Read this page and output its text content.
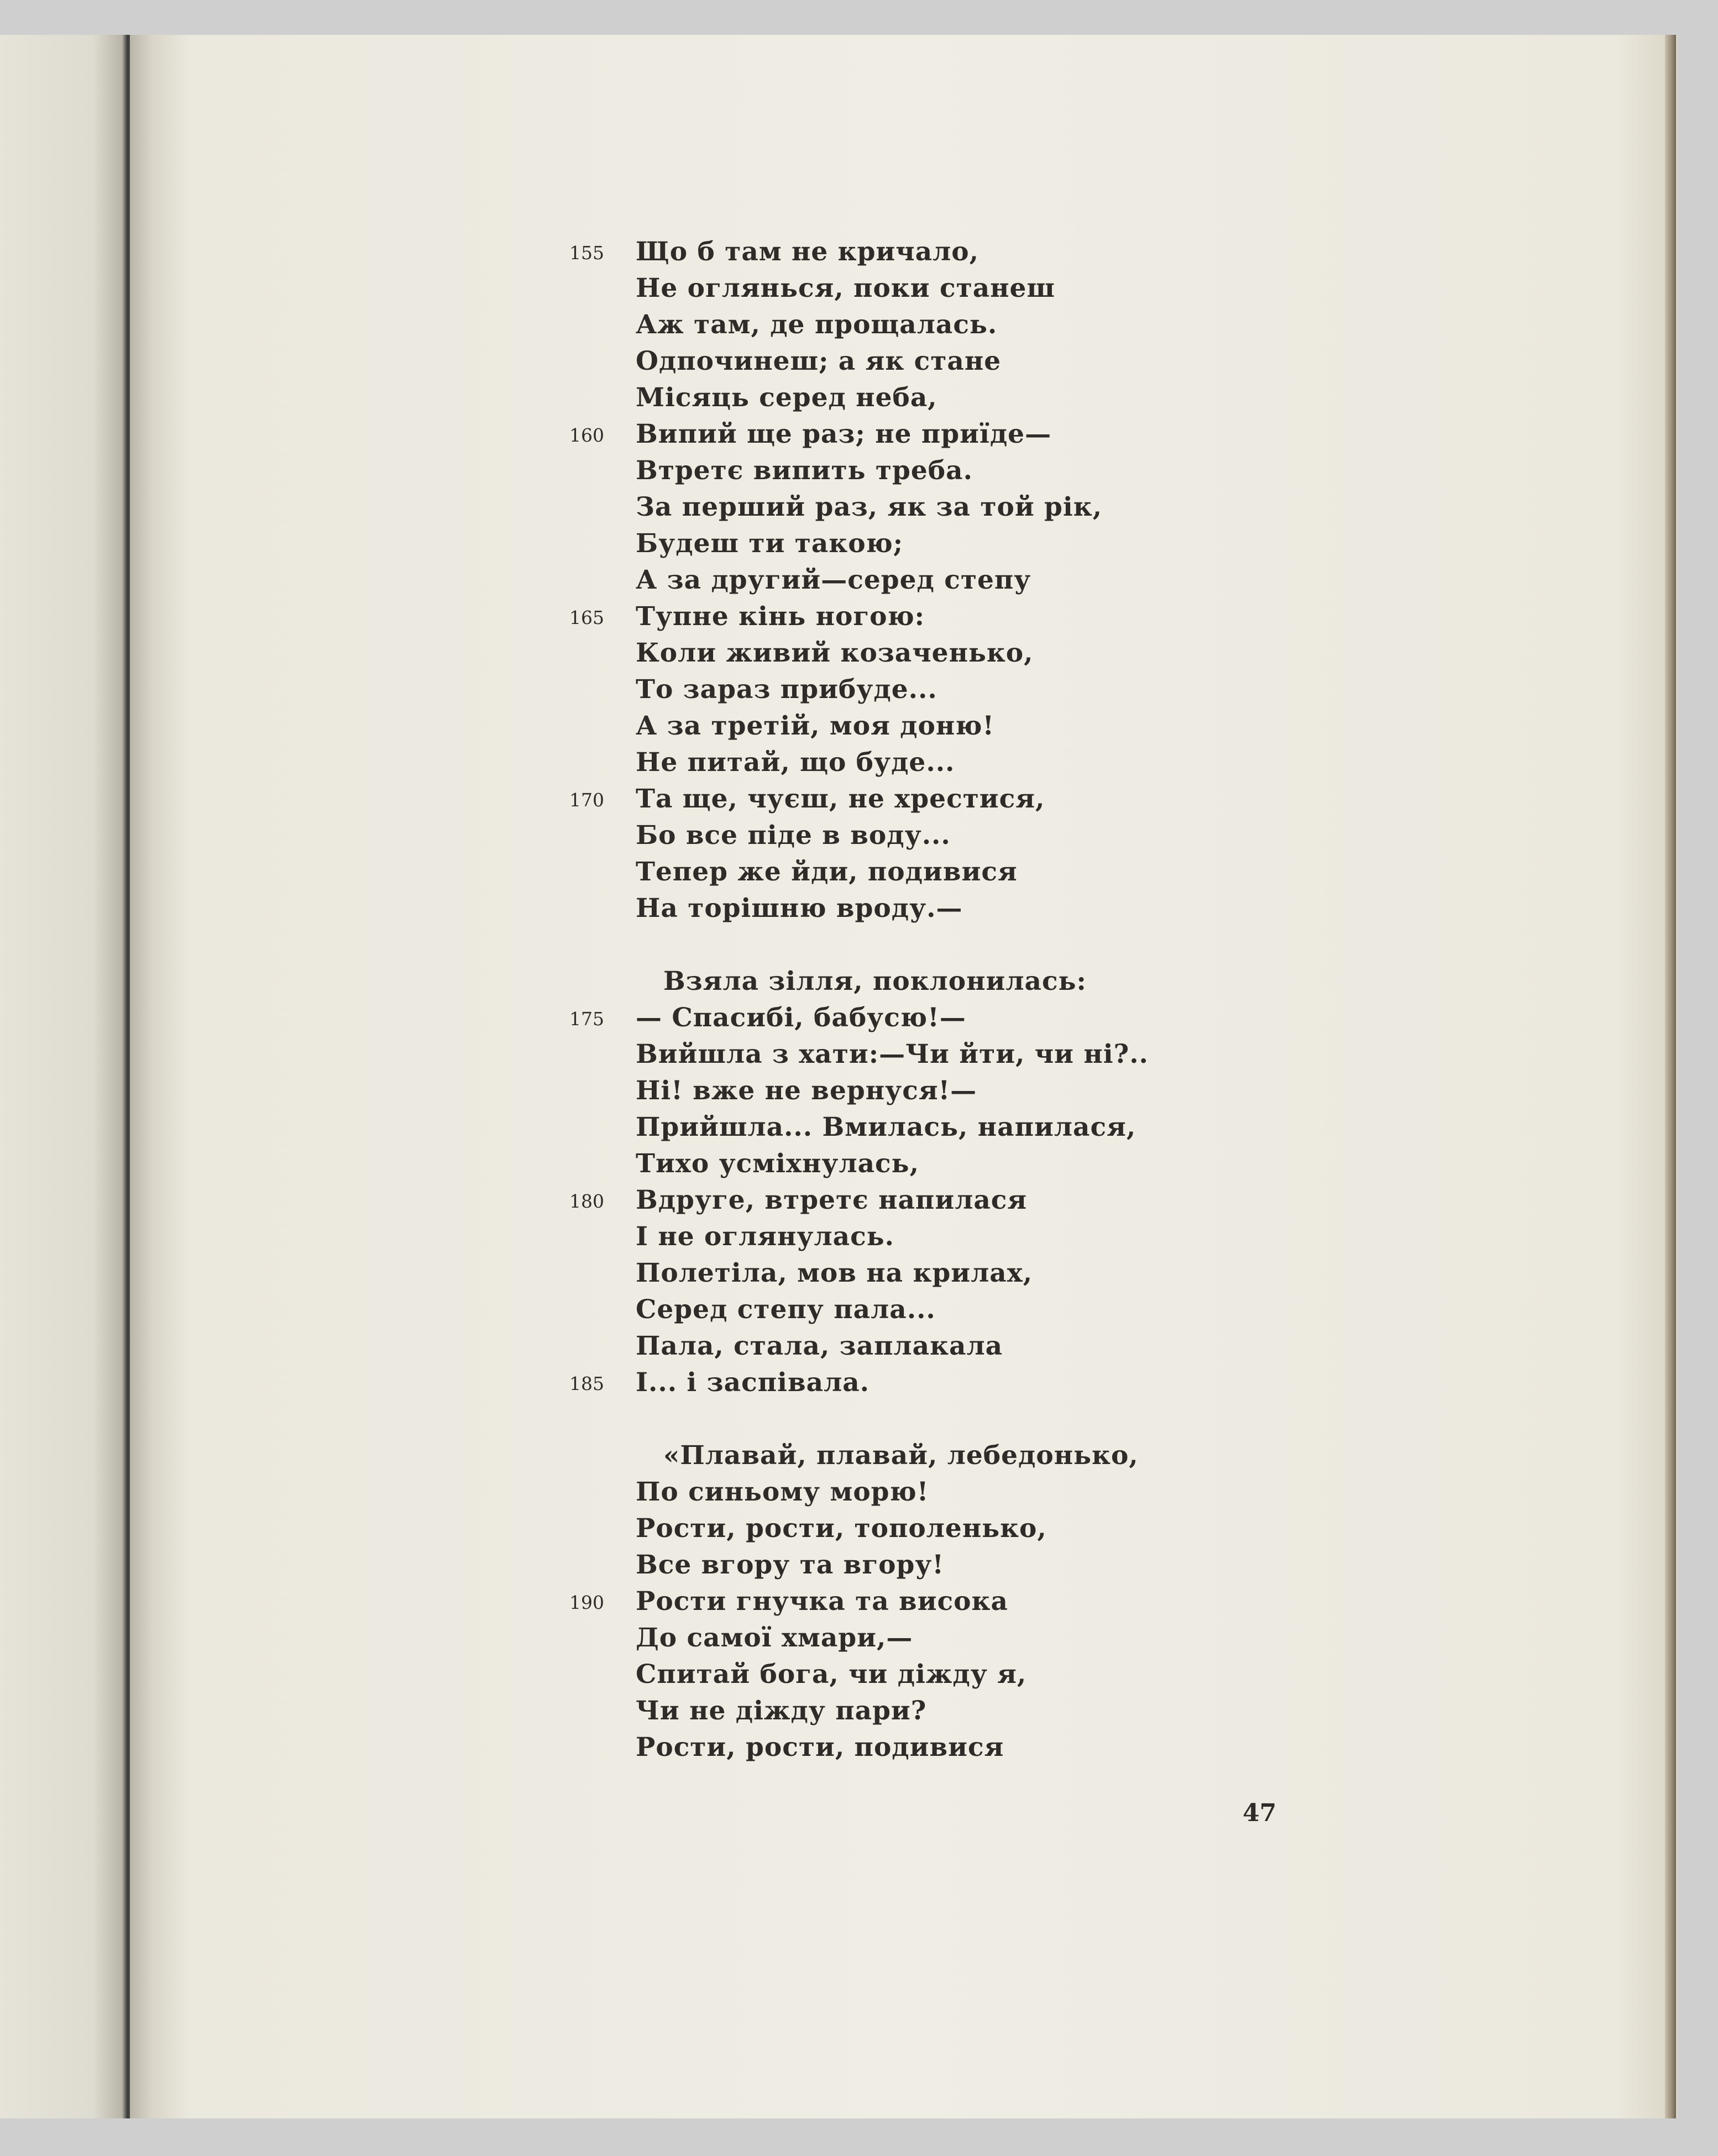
Що б там не кричало,
155
Не оглянься, поки станеш
Аж там, де прощалась.
Одпочинеш; а як стане
Місяць серед неба,
Випий ще раз; не приїде—
160
Втретє випить треба.
За перший раз, як за той рік,
Будеш ти такою;
А за другий—серед степу
Тупне кінь ногою:
165
Коли живий козаченько,
То зараз прибуде...
А за третій, моя доню!
Не питай, що буде...
Та ще, чуєш, не хрестися,
170
Бо все піде в воду...
Тепер же йди, подивися
На торішню вроду.—
Взяла зілля, поклонилась:
— Спасибі, бабусю!—
175
Вийшла з хати:—Чи йти, чи ні?..
Ні! вже не вернуся!—
Прийшла... Вмилась, напилася,
Тихо усміхнулась,
Вдруге, втретє напилася
180
І не оглянулась.
Полетіла, мов на крилах,
Серед степу пала...
Пала, стала, заплакала
І... і заспівала.
185
«Плавай, плавай, лебедонько,
По синьому морю!
Рости, рости, тополенько,
Все вгору та вгору!
Рости гнучка та висока
190
До самої хмари,—
Спитай бога, чи діжду я,
Чи не діжду пари?
Рости, рости, подивися
47
